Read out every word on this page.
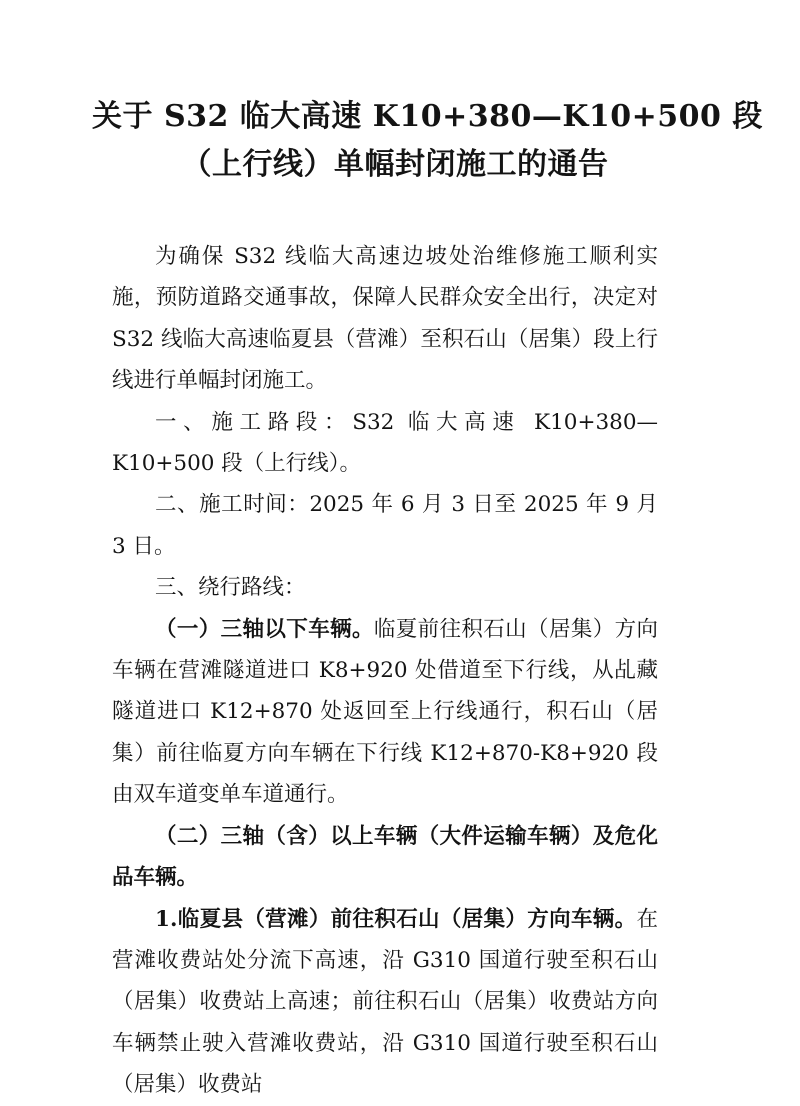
关于 S32 临大高速 K10+380—K10+500 段
（上行线）单幅封闭施工的通告

为确保 S32 线临大高速边坡处治维修施工顺利实施，预防道路交通事故，保障人民群众安全出行，决定对 S32 线临大高速临夏县（营滩）至积石山（居集）段上行线进行单幅封闭施工。

一、施工路段：S32 临大高速 K10+380—K10+500 段（上行线）。

二、施工时间：2025 年 6 月 3 日至 2025 年 9 月 3 日。

三、绕行路线：

（一）三轴以下车辆。临夏前往积石山（居集）方向车辆在营滩隧道进口 K8+920 处借道至下行线，从乩藏隧道进口 K12+870 处返回至上行线通行，积石山（居集）前往临夏方向车辆在下行线 K12+870-K8+920 段由双车道变单车道通行。

（二）三轴（含）以上车辆（大件运输车辆）及危化品车辆。

1.临夏县（营滩）前往积石山（居集）方向车辆。在营滩收费站处分流下高速，沿 G310 国道行驶至积石山（居集）收费站上高速；前往积石山（居集）收费站方向车辆禁止驶入营滩收费站，沿 G310 国道行驶至积石山（居集）收费站
